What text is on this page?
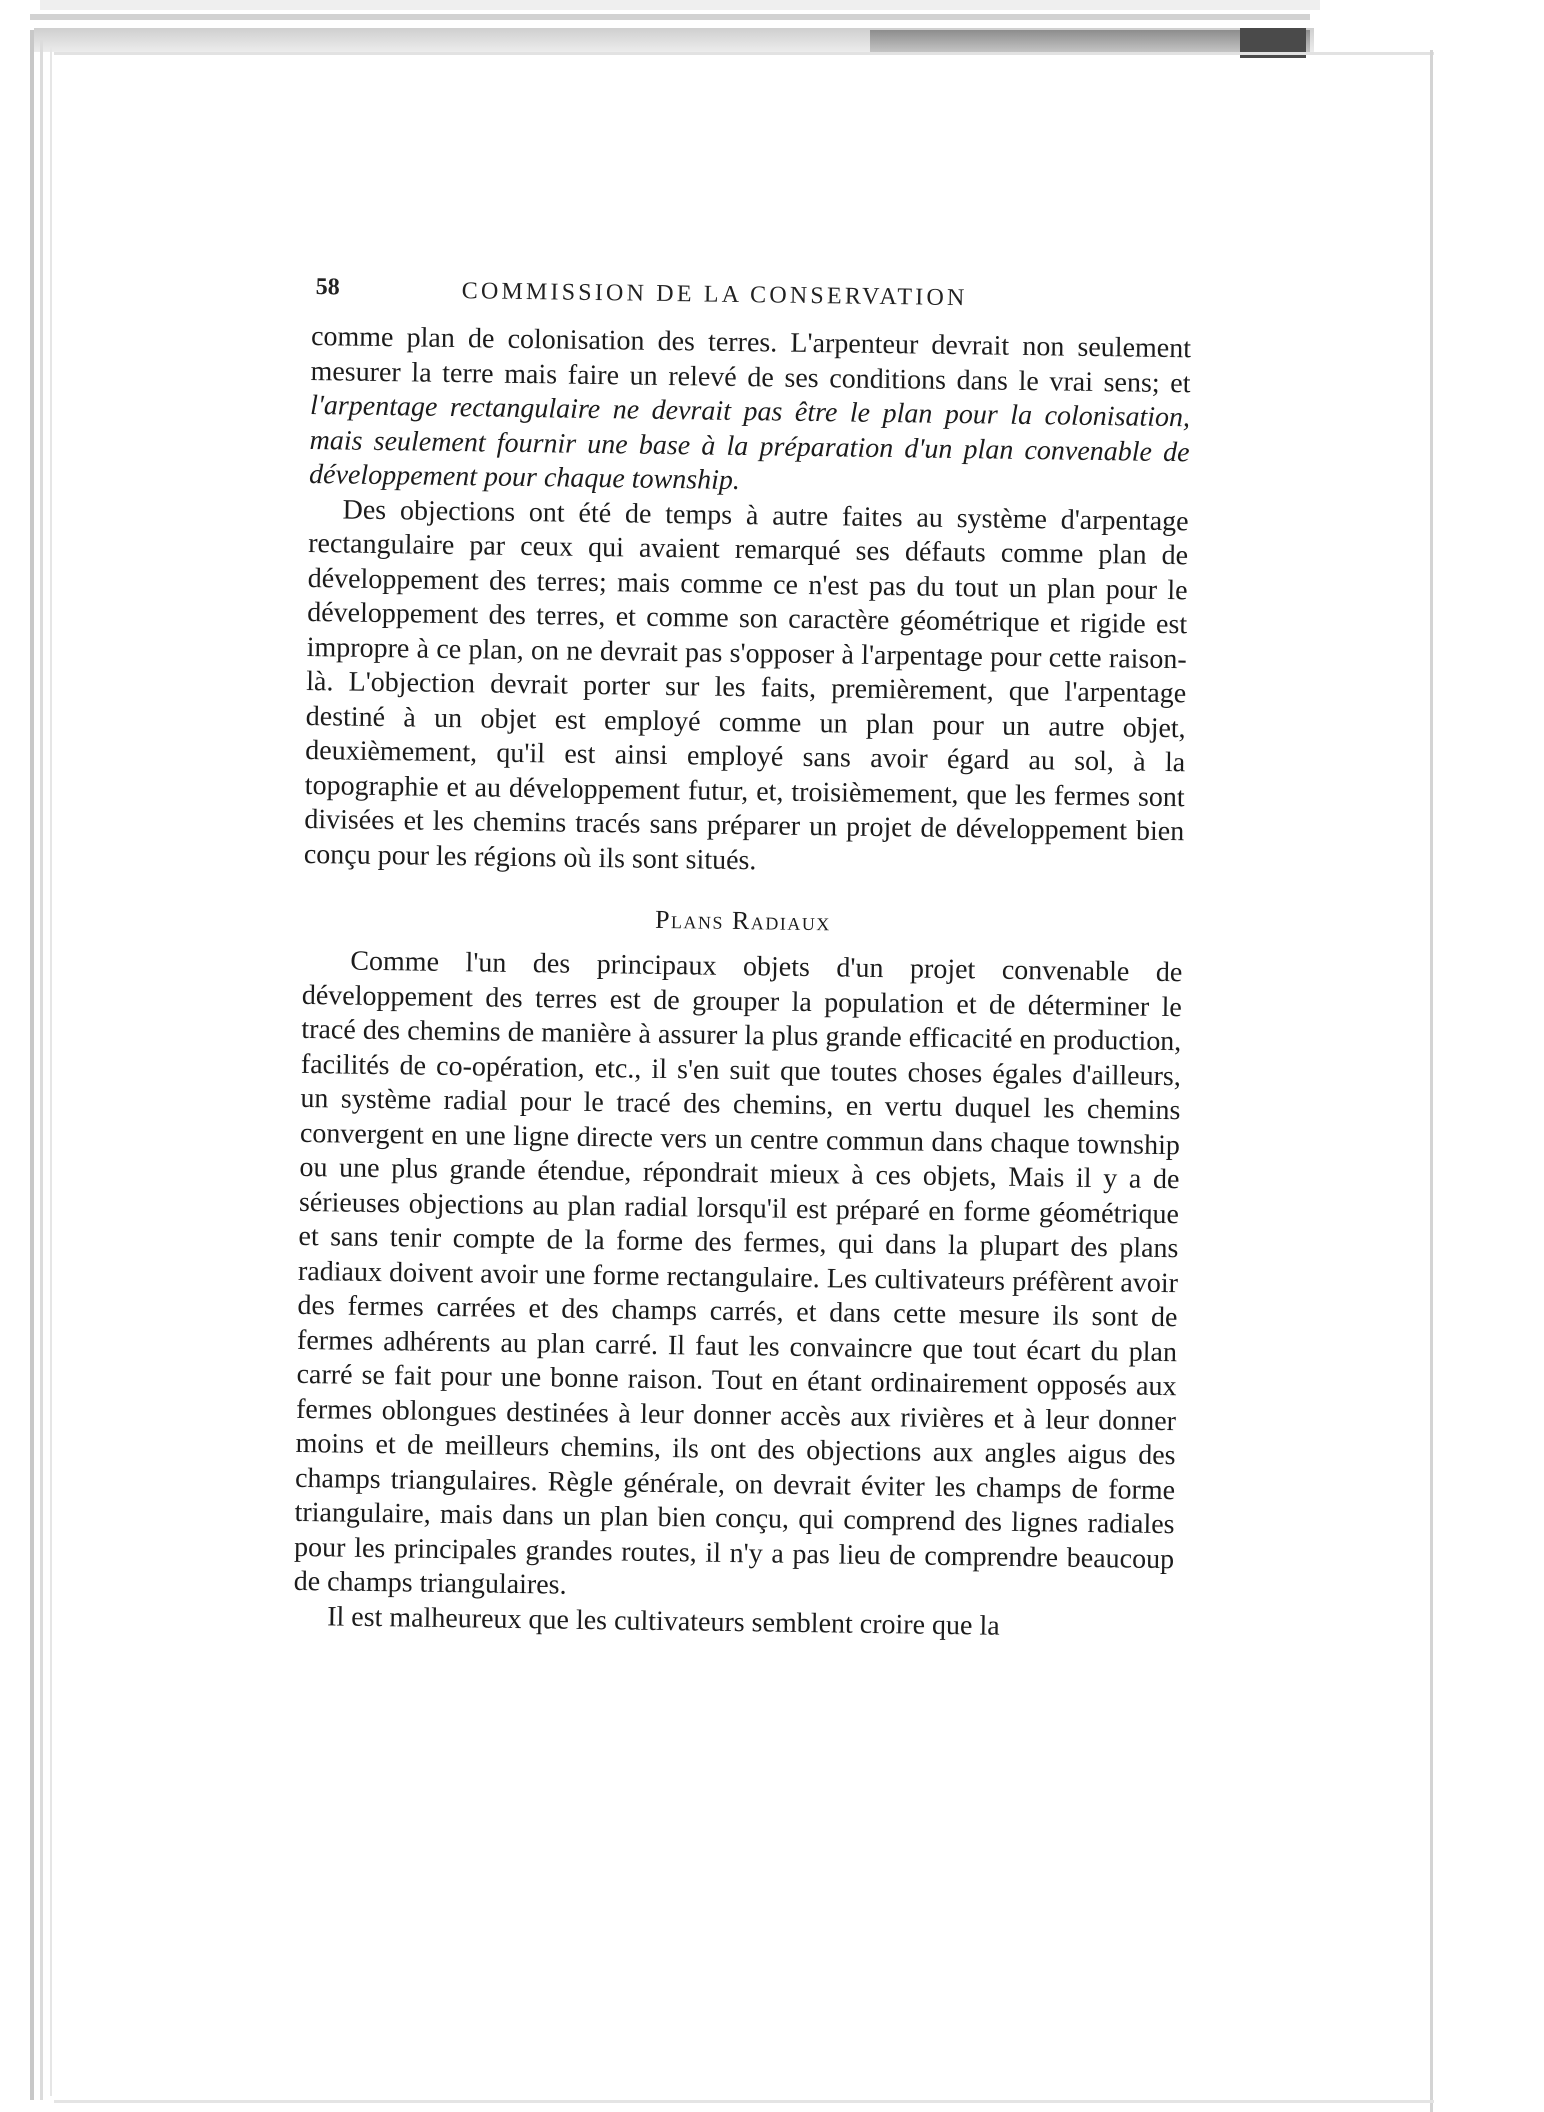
58	COMMISSION DE LA CONSERVATION

comme plan de colonisation des terres. L'arpenteur devrait non seulement mesurer la terre mais faire un relevé de ses conditions dans le vrai sens; et l'arpentage rectangulaire ne devrait pas être le plan pour la colonisation, mais seulement fournir une base à la préparation d'un plan convenable de développement pour chaque township.

Des objections ont été de temps à autre faites au système d'arpentage rectangulaire par ceux qui avaient remarqué ses défauts comme plan de développement des terres; mais comme ce n'est pas du tout un plan pour le développement des terres, et comme son caractère géométrique et rigide est impropre à ce plan, on ne devrait pas s'opposer à l'arpentage pour cette raison-là. L'objection devrait porter sur les faits, premièrement, que l'arpentage destiné à un objet est employé comme un plan pour un autre objet, deuxièmement, qu'il est ainsi employé sans avoir égard au sol, à la topographie et au développement futur, et, troisièmement, que les fermes sont divisées et les chemins tracés sans préparer un projet de développement bien conçu pour les régions où ils sont situés.

Plans Radiaux

Comme l'un des principaux objets d'un projet convenable de développement des terres est de grouper la population et de déterminer le tracé des chemins de manière à assurer la plus grande efficacité en production, facilités de co-opération, etc., il s'en suit que toutes choses égales d'ailleurs, un système radial pour le tracé des chemins, en vertu duquel les chemins convergent en une ligne directe vers un centre commun dans chaque township ou une plus grande étendue, répondrait mieux à ces objets, Mais il y a de sérieuses objections au plan radial lorsqu'il est préparé en forme géométrique et sans tenir compte de la forme des fermes, qui dans la plupart des plans radiaux doivent avoir une forme rectangulaire. Les cultivateurs préfèrent avoir des fermes carrées et des champs carrés, et dans cette mesure ils sont de fermes adhérents au plan carré. Il faut les convaincre que tout écart du plan carré se fait pour une bonne raison. Tout en étant ordinairement opposés aux fermes oblongues destinées à leur donner accès aux rivières et à leur donner moins et de meilleurs chemins, ils ont des objections aux angles aigus des champs triangulaires. Règle générale, on devrait éviter les champs de forme triangulaire, mais dans un plan bien conçu, qui comprend des lignes radiales pour les principales grandes routes, il n'y a pas lieu de comprendre beaucoup de champs triangulaires.

Il est malheureux que les cultivateurs semblent croire que la
